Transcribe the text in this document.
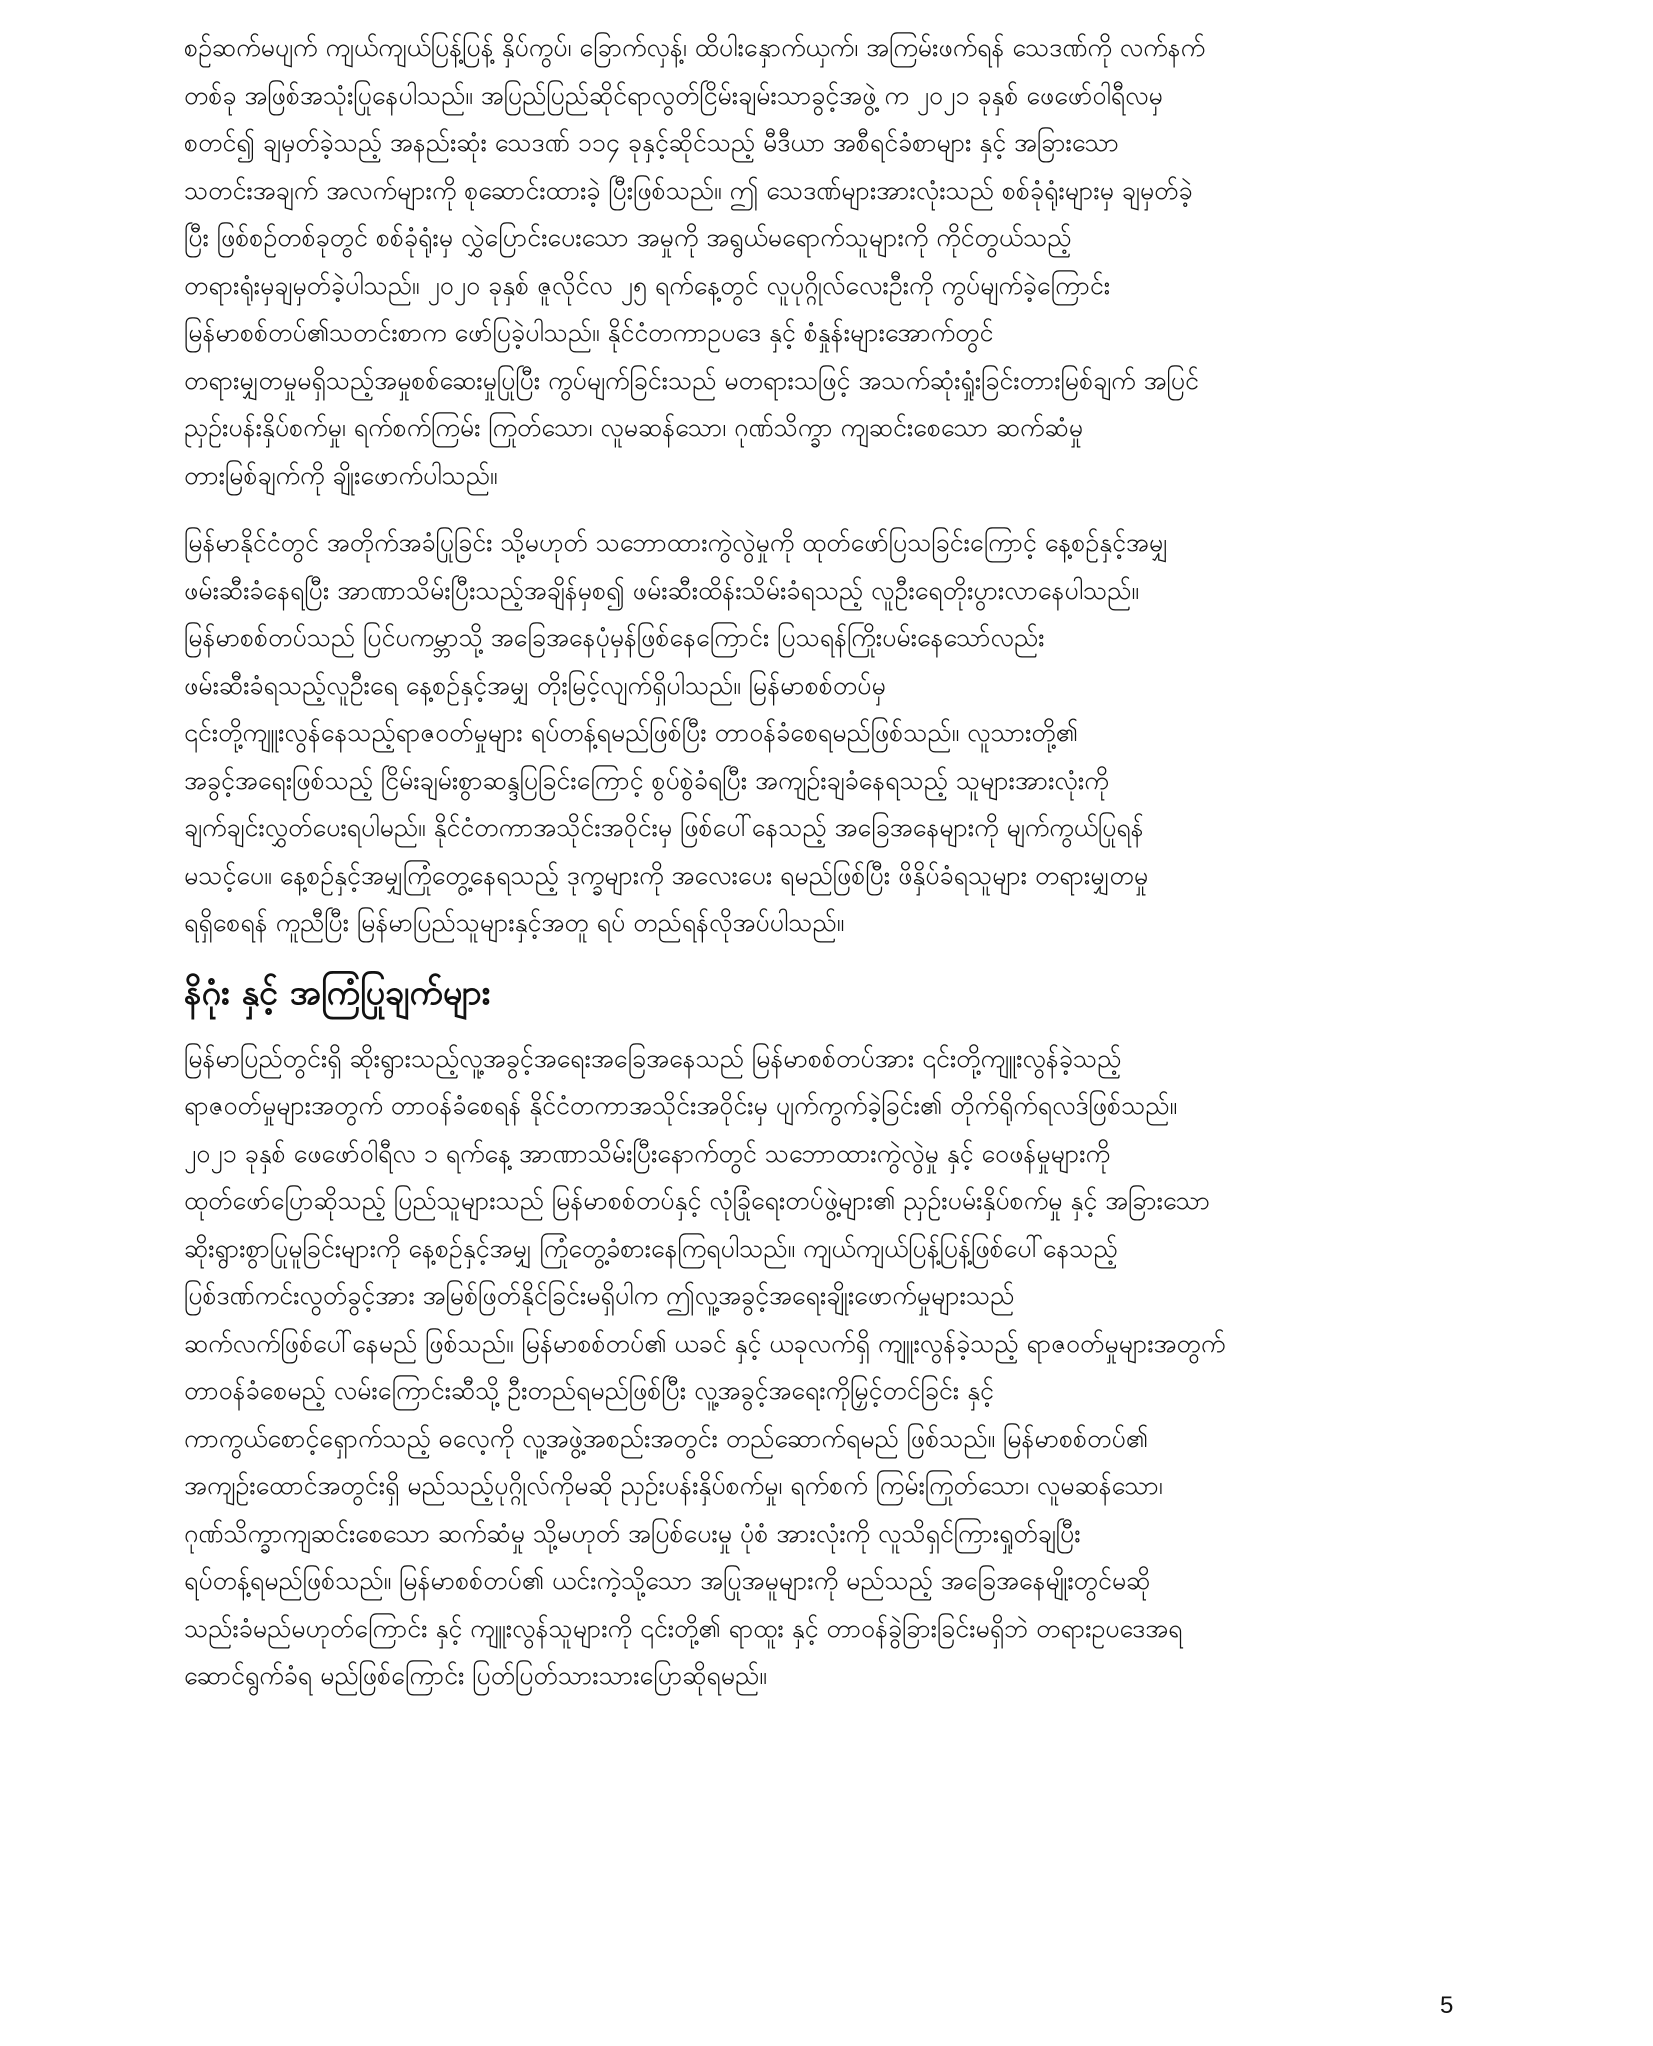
စဉ်ဆက်မပျက် ကျယ်ကျယ်ပြန့်ပြန့် နှိပ်ကွပ်၊ ခြောက်လှန့်၊ ထိပါးနှောက်ယှက်၊ အကြမ်းဖက်ရန် သေဒဏ်ကို လက်နက်
တစ်ခု အဖြစ်အသုံးပြုနေပါသည်။ အပြည်ပြည်ဆိုင်ရာလွတ်ငြိမ်းချမ်းသာခွင့်အဖွဲ့ က ၂၀၂၁ ခုနှစ် ဖေဖော်ဝါရီလမှ
စတင်၍ ချမှတ်ခဲ့သည့် အနည်းဆုံး သေဒဏ် ၁၁၄ ခုနှင့်ဆိုင်သည့် မီဒီယာ အစီရင်ခံစာများ နှင့် အခြားသော
သတင်းအချက် အလက်များကို စုဆောင်းထားခဲ့ ပြီးဖြစ်သည်။ ဤ သေဒဏ်များအားလုံးသည် စစ်ခုံရုံးများမှ ချမှတ်ခဲ့
ပြီး ဖြစ်စဉ်တစ်ခုတွင် စစ်ခုံရုံးမှ လွှဲပြောင်းပေးသော အမှုကို အရွယ်မရောက်သူများကို ကိုင်တွယ်သည့်
တရားရုံးမှချမှတ်ခဲ့ပါသည်။ ၂၀၂၀ ခုနှစ် ဇူလိုင်လ ၂၅ ရက်နေ့တွင် လူပုဂ္ဂိုလ်လေးဦးကို ကွပ်မျက်ခဲ့ကြောင်း
မြန်မာစစ်တပ်၏သတင်းစာက ဖော်ပြခဲ့ပါသည်။ နိုင်ငံတကာဥပဒေ နှင့် စံနှုန်းများအောက်တွင်
တရားမျှတမှုမရှိသည့်အမှုစစ်ဆေးမှုပြုပြီး ကွပ်မျက်ခြင်းသည် မတရားသဖြင့် အသက်ဆုံးရှုံးခြင်းတားမြစ်ချက် အပြင်
ညှဉ်းပန်းနှိပ်စက်မှု၊ ရက်စက်ကြမ်း ကြုတ်သော၊ လူမဆန်သော၊ ဂုဏ်သိက္ခာ ကျဆင်းစေသော ဆက်ဆံမှု
တားမြစ်ချက်ကို ချိုးဖောက်ပါသည်။
မြန်မာနိုင်ငံတွင် အတိုက်အခံပြုခြင်း သို့မဟုတ် သဘောထားကွဲလွဲမှုကို ထုတ်ဖော်ပြသခြင်းကြောင့် နေ့စဉ်နှင့်အမျှ
ဖမ်းဆီးခံနေရပြီး အာဏာသိမ်းပြီးသည့်အချိန်မှစ၍ ဖမ်းဆီးထိန်းသိမ်းခံရသည့် လူဦးရေတိုးပွားလာနေပါသည်။
မြန်မာစစ်တပ်သည် ပြင်ပကမ္ဘာသို့ အခြေအနေပုံမှန်ဖြစ်နေကြောင်း ပြသရန်ကြိုးပမ်းနေသော်လည်း
ဖမ်းဆီးခံရသည့်လူဦးရေ နေ့စဉ်နှင့်အမျှ တိုးမြင့်လျက်ရှိပါသည်။ မြန်မာစစ်တပ်မှ
၎င်းတို့ကျူးလွန်နေသည့်ရာဇဝတ်မှုများ ရပ်တန့်ရမည်ဖြစ်ပြီး တာဝန်ခံစေရမည်ဖြစ်သည်။ လူသားတို့၏
အခွင့်အရေးဖြစ်သည့် ငြိမ်းချမ်းစွာဆန္ဒပြခြင်းကြောင့် စွပ်စွဲခံရပြီး အကျဉ်းချခံနေရသည့် သူများအားလုံးကို
ချက်ချင်းလွှတ်ပေးရပါမည်။ နိုင်ငံတကာအသိုင်းအဝိုင်းမှ ဖြစ်ပေါ်နေသည့် အခြေအနေများကို မျက်ကွယ်ပြုရန်
မသင့်ပေ။ နေ့စဉ်နှင့်အမျှကြုံတွေ့နေရသည့် ဒုက္ခများကို အလေးပေး ရမည်ဖြစ်ပြီး ဖိနှိပ်ခံရသူများ တရားမျှတမှု
ရရှိစေရန် ကူညီပြီး မြန်မာပြည်သူများနှင့်အတူ ရပ် တည်ရန်လိုအပ်ပါသည်။
နိဂုံး နှင့် အကြံပြုချက်များ
မြန်မာပြည်တွင်းရှိ ဆိုးရွားသည့်လူ့အခွင့်အရေးအခြေအနေသည် မြန်မာစစ်တပ်အား ၎င်းတို့ကျူးလွန်ခဲ့သည့်
ရာဇဝတ်မှုများအတွက် တာဝန်ခံစေရန် နိုင်ငံတကာအသိုင်းအဝိုင်းမှ ပျက်ကွက်ခဲ့ခြင်း၏ တိုက်ရိုက်ရလဒ်ဖြစ်သည်။
၂၀၂၁ ခုနှစ် ဖေဖော်ဝါရီလ ၁ ရက်နေ့ အာဏာသိမ်းပြီးနောက်တွင် သဘောထားကွဲလွဲမှု နှင့် ဝေဖန်မှုများကို
ထုတ်ဖော်ပြောဆိုသည့် ပြည်သူများသည် မြန်မာစစ်တပ်နှင့် လုံခြုံရေးတပ်ဖွဲ့များ၏ ညှဉ်းပမ်းနှိပ်စက်မှု နှင့် အခြားသော
ဆိုးရွားစွာပြုမူခြင်းများကို နေ့စဉ်နှင့်အမျှ ကြုံတွေ့ခံစားနေကြရပါသည်။ ကျယ်ကျယ်ပြန့်ပြန့်ဖြစ်ပေါ်နေသည့်
ပြစ်ဒဏ်ကင်းလွတ်ခွင့်အား အမြစ်ဖြတ်နိုင်ခြင်းမရှိပါက ဤလူ့အခွင့်အရေးချိုးဖောက်မှုများသည်
ဆက်လက်ဖြစ်ပေါ်နေမည် ဖြစ်သည်။ မြန်မာစစ်တပ်၏ ယခင် နှင့် ယခုလက်ရှိ ကျူးလွန်ခဲ့သည့် ရာဇဝတ်မှုများအတွက်
တာဝန်ခံစေမည့် လမ်းကြောင်းဆီသို့ ဦးတည်ရမည်ဖြစ်ပြီး လူ့အခွင့်အရေးကိုမြှင့်တင်ခြင်း နှင့်
ကာကွယ်စောင့်ရှောက်သည့် ဓလေ့ကို လူ့အဖွဲ့အစည်းအတွင်း တည်ဆောက်ရမည် ဖြစ်သည်။ မြန်မာစစ်တပ်၏
အကျဉ်းထောင်အတွင်းရှိ မည်သည့်ပုဂ္ဂိုလ်ကိုမဆို ညှဉ်းပန်းနှိပ်စက်မှု၊ ရက်စက် ကြမ်းကြုတ်သော၊ လူမဆန်သော၊
ဂုဏ်သိက္ခာကျဆင်းစေသော ဆက်ဆံမှု သို့မဟုတ် အပြစ်ပေးမှု ပုံစံ အားလုံးကို လူသိရှင်ကြားရှုတ်ချပြီး
ရပ်တန့်ရမည်ဖြစ်သည်။ မြန်မာစစ်တပ်၏ ယင်းကဲ့သို့သော အပြုအမူများကို မည်သည့် အခြေအနေမျိုးတွင်မဆို
သည်းခံမည်မဟုတ်ကြောင်း နှင့် ကျူးလွန်သူများကို ၎င်းတို့၏ ရာထူး နှင့် တာဝန်ခွဲခြားခြင်းမရှိဘဲ တရားဥပဒေအရ
ဆောင်ရွက်ခံရ မည်ဖြစ်ကြောင်း ပြတ်ပြတ်သားသားပြောဆိုရမည်။
5
